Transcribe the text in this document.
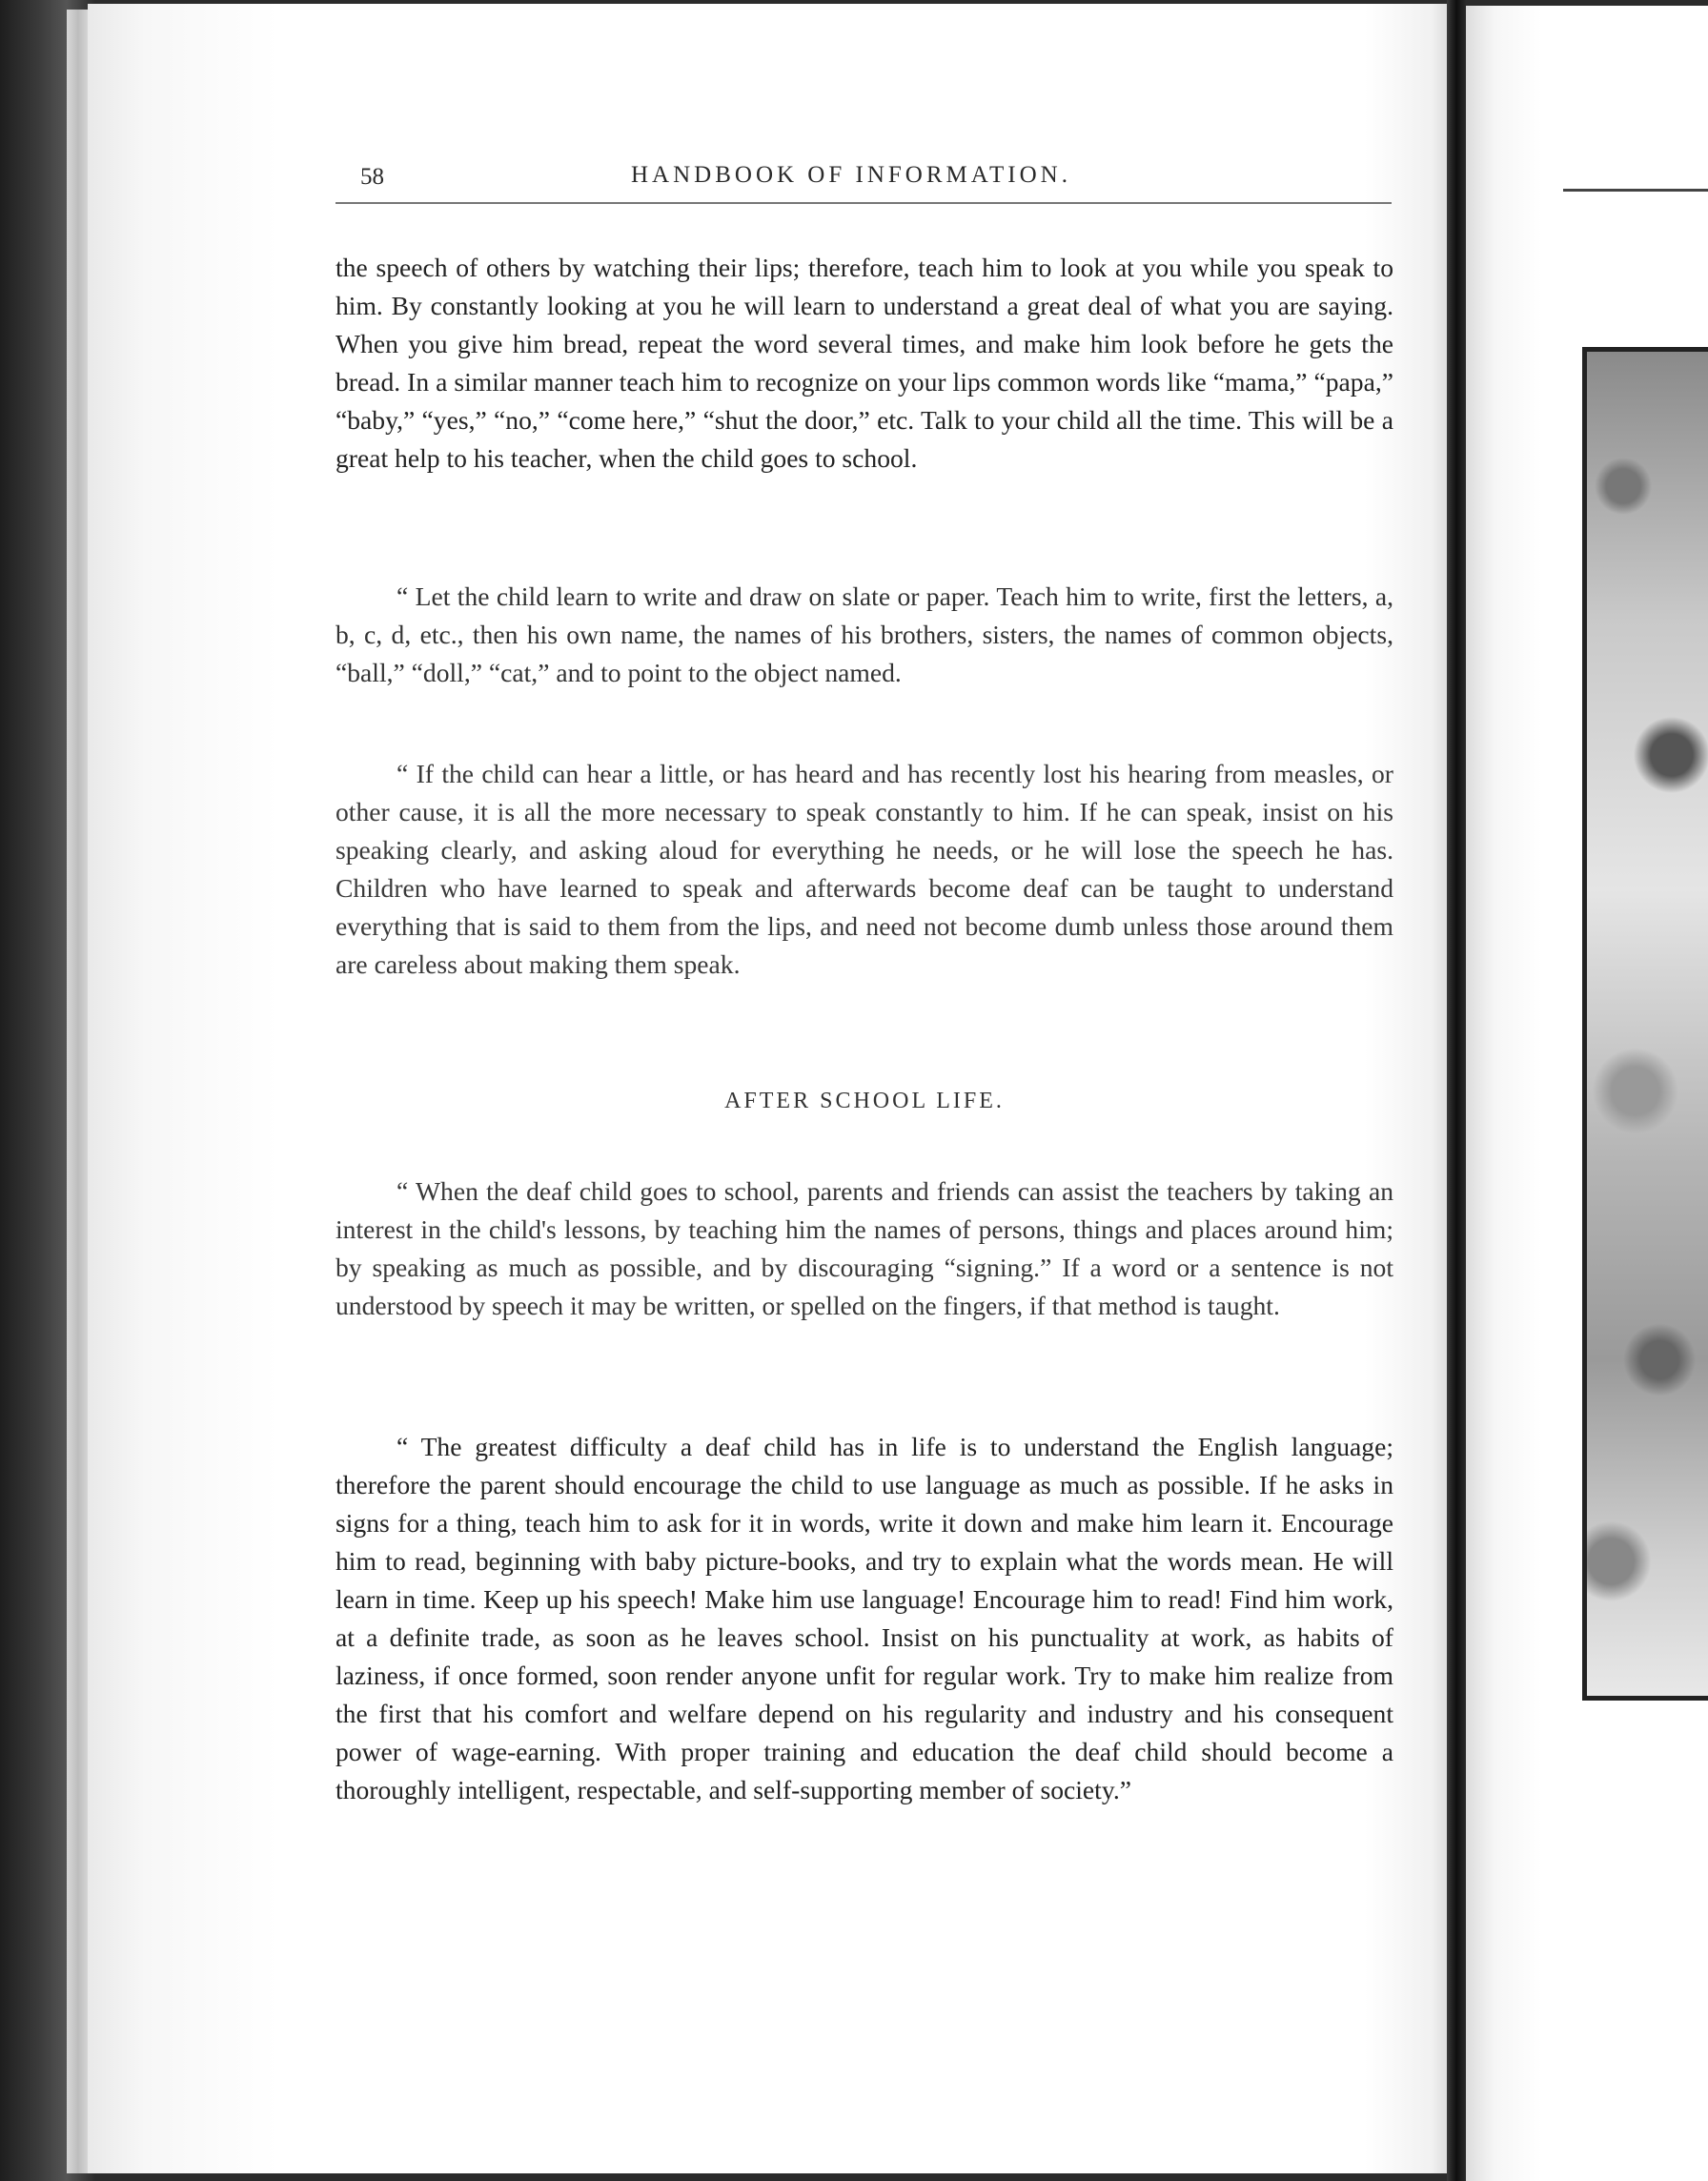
58	HANDBOOK OF INFORMATION.

the speech of others by watching their lips; therefore, teach him to look at you while you speak to him. By constantly looking at you he will learn to understand a great deal of what you are saying. When you give him bread, repeat the word several times, and make him look before he gets the bread. In a similar manner teach him to recognize on your lips common words like “mama,” “papa,” “baby,” “yes,” “no,” “come here,” “shut the door,” etc. Talk to your child all the time. This will be a great help to his teacher, when the child goes to school.

“ Let the child learn to write and draw on slate or paper. Teach him to write, first the letters, a, b, c, d, etc., then his own name, the names of his brothers, sisters, the names of common objects, “ball,” “doll,” “cat,” and to point to the object named.

“ If the child can hear a little, or has heard and has recently lost his hearing from measles, or other cause, it is all the more necessary to speak constantly to him. If he can speak, insist on his speaking clearly, and asking aloud for everything he needs, or he will lose the speech he has. Children who have learned to speak and afterwards become deaf can be taught to understand everything that is said to them from the lips, and need not become dumb unless those around them are careless about making them speak.

AFTER SCHOOL LIFE.

“ When the deaf child goes to school, parents and friends can assist the teachers by taking an interest in the child's lessons, by teaching him the names of persons, things and places around him; by speaking as much as possible, and by discouraging “signing.” If a word or a sentence is not understood by speech it may be written, or spelled on the fingers, if that method is taught.

“ The greatest difficulty a deaf child has in life is to understand the English language; therefore the parent should encourage the child to use language as much as possible. If he asks in signs for a thing, teach him to ask for it in words, write it down and make him learn it. Encourage him to read, beginning with baby picture-books, and try to explain what the words mean. He will learn in time. Keep up his speech! Make him use language! Encourage him to read! Find him work, at a definite trade, as soon as he leaves school. Insist on his punctuality at work, as habits of laziness, if once formed, soon render anyone unfit for regular work. Try to make him realize from the first that his comfort and welfare depend on his regularity and industry and his consequent power of wage-earning. With proper training and education the deaf child should become a thoroughly intelligent, respectable, and self-supporting member of society.”
